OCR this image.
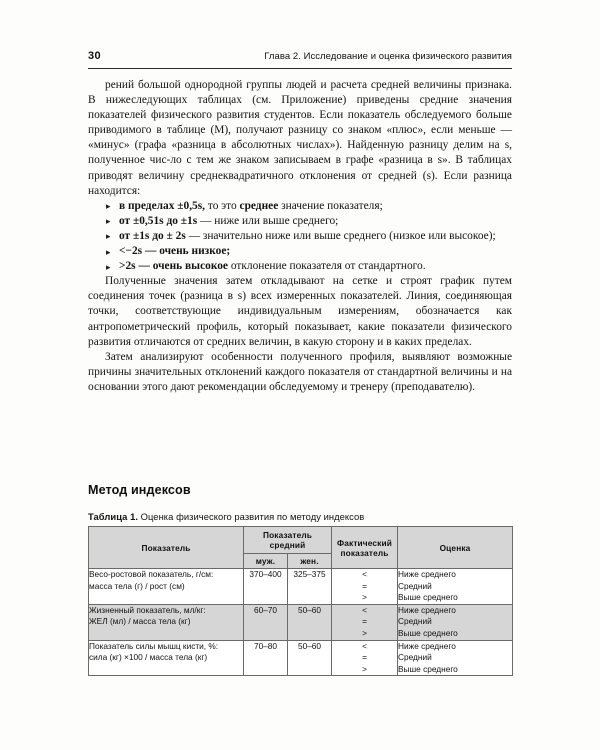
30	Глава 2. Исследование и оценка физического развития

рений большой однородной группы людей и расчета средней величины признака. В нижеследующих таблицах (см. Приложение) приведены средние значения показателей физического развития студентов. Если показатель обследуемого больше приводимого в таблице (М), получают разницу со знаком «плюс», если меньше — «минус» (графа «разница в абсолютных числах»). Найденную разницу делим на s, полученное чис-ло с тем же знаком записываем в графе «разница в s». В таблицах приводят величину среднеквадратичного отклонения от средней (s). Если разница находится:

▸ в пределах ±0,5s, то это среднее значение показателя;
▸ от ±0,51s до ±1s — ниже или выше среднего;
▸ от ±1s до ± 2s — значительно ниже или выше среднего (низкое или высокое);
▸ <−2s — очень низкое;
▸ >2s — очень высокое отклонение показателя от стандартного.

Полученные значения затем откладывают на сетке и строят график путем соединения точек (разница в s) всех измеренных показателей. Линия, соединяющая точки, соответствующие индивидуальным измерениям, обозначается как антропометрический профиль, который показывает, какие показатели физического развития отличаются от средних величин, в какую сторону и в каких пределах.

Затем анализируют особенности полученного профиля, выявляют возможные причины значительных отклонений каждого показателя от стандартной величины и на основании этого дают рекомендации обследуемому и тренеру (преподавателю).

Метод индексов
Таблица 1. Оценка физического развития по методу индексов
Показатель	Показатель средний		Фактический показатель	Оценка
	муж.	жен.		

Весо-ростовой показатель, г/см:
масса тела (г) / рост (см)	370–400	325–375	<
=
>	Ниже среднего
Средний
Выше среднего

Жизненный показатель, мл/кг:
ЖЕЛ (мл) / масса тела (кг)	60–70	50–60	<
=
>	Ниже среднего
Средний
Выше среднего

Показатель силы мышц кисти, %:
сила (кг) ×100 / масса тела (кг)	70–80	50–60	<
=
>	Ниже среднего
Средний
Выше среднего
